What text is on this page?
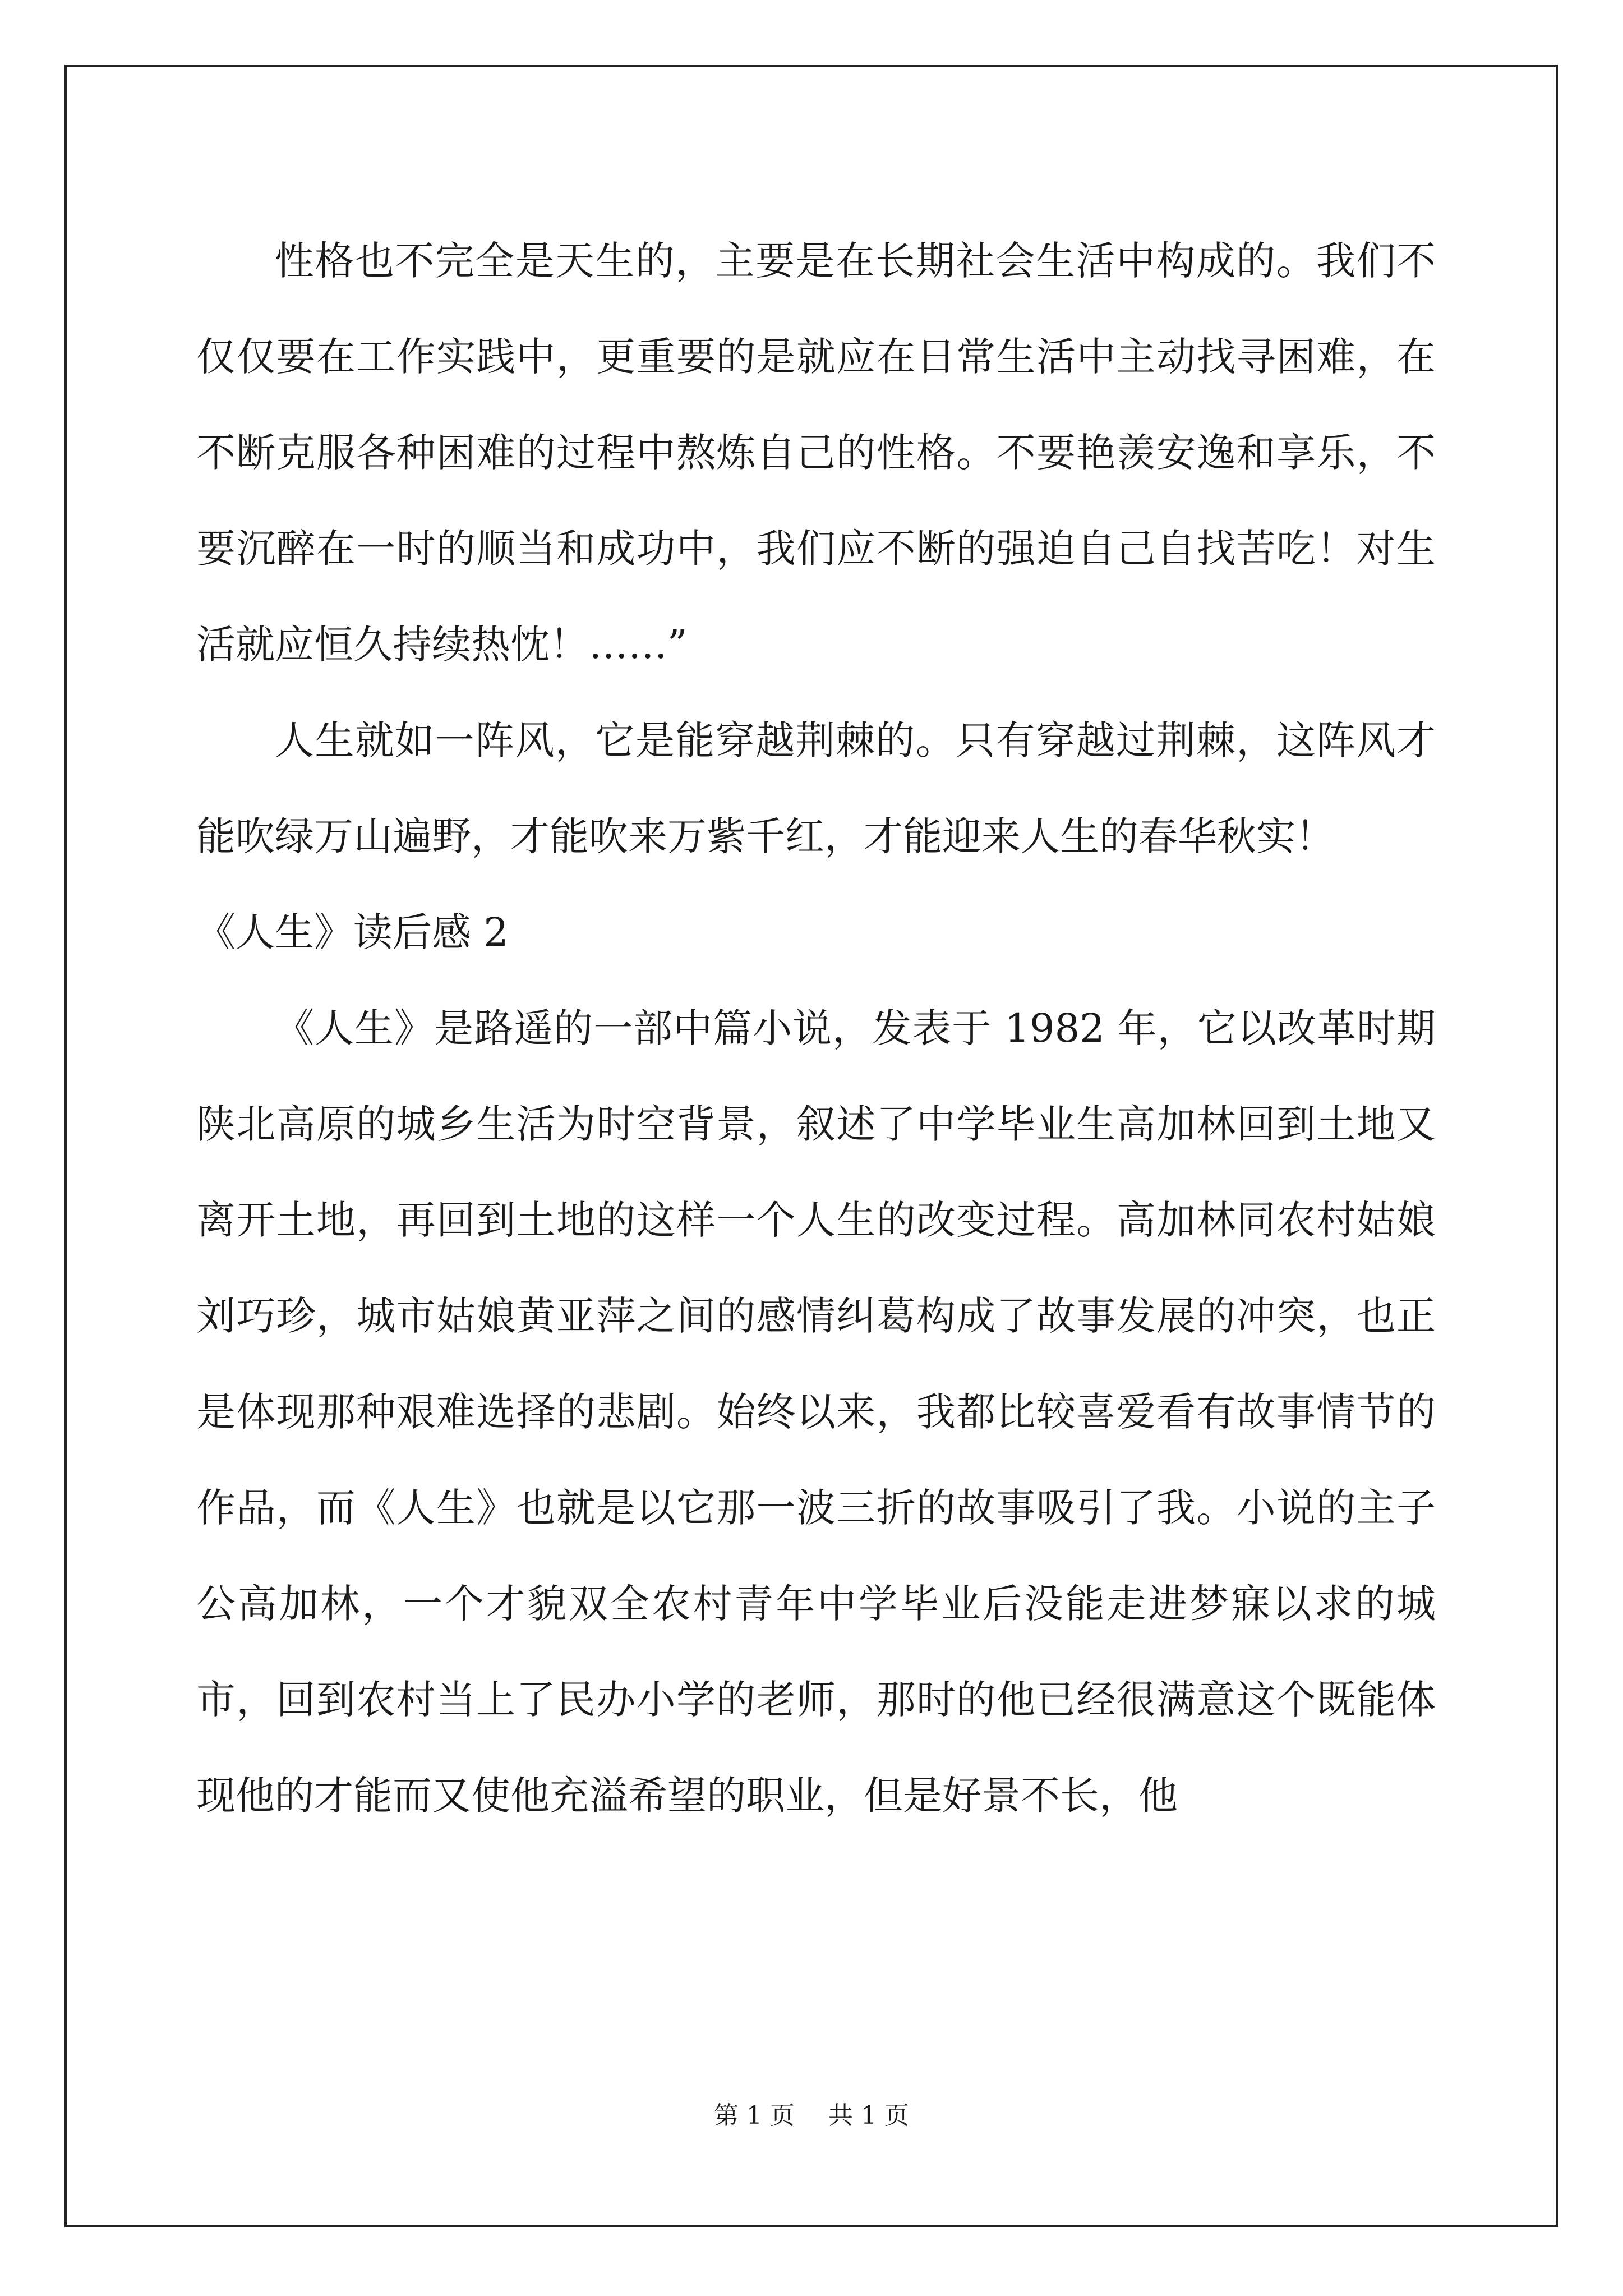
性格也不完全是天生的，主要是在长期社会生活中构成的。我们不仅仅要在工作实践中，更重要的是就应在日常生活中主动找寻困难，在不断克服各种困难的过程中熬炼自己的性格。不要艳羡安逸和享乐，不要沉醉在一时的顺当和成功中，我们应不断的强迫自己自找苦吃！对生活就应恒久持续热忱！……”

人生就如一阵风，它是能穿越荆棘的。只有穿越过荆棘，这阵风才能吹绿万山遍野，才能吹来万紫千红，才能迎来人生的春华秋实！

《人生》读后感 2

《人生》是路遥的一部中篇小说，发表于 1982 年，它以改革时期陕北高原的城乡生活为时空背景，叙述了中学毕业生高加林回到土地又离开土地，再回到土地的这样一个人生的改变过程。高加林同农村姑娘刘巧珍，城市姑娘黄亚萍之间的感情纠葛构成了故事发展的冲突，也正是体现那种艰难选择的悲剧。始终以来，我都比较喜爱看有故事情节的作品，而《人生》也就是以它那一波三折的故事吸引了我。小说的主子公高加林，一个才貌双全农村青年中学毕业后没能走进梦寐以求的城市，回到农村当上了民办小学的老师，那时的他已经很满意这个既能体现他的才能而又使他充溢希望的职业，但是好景不长，他

第 1 页 共 1 页
